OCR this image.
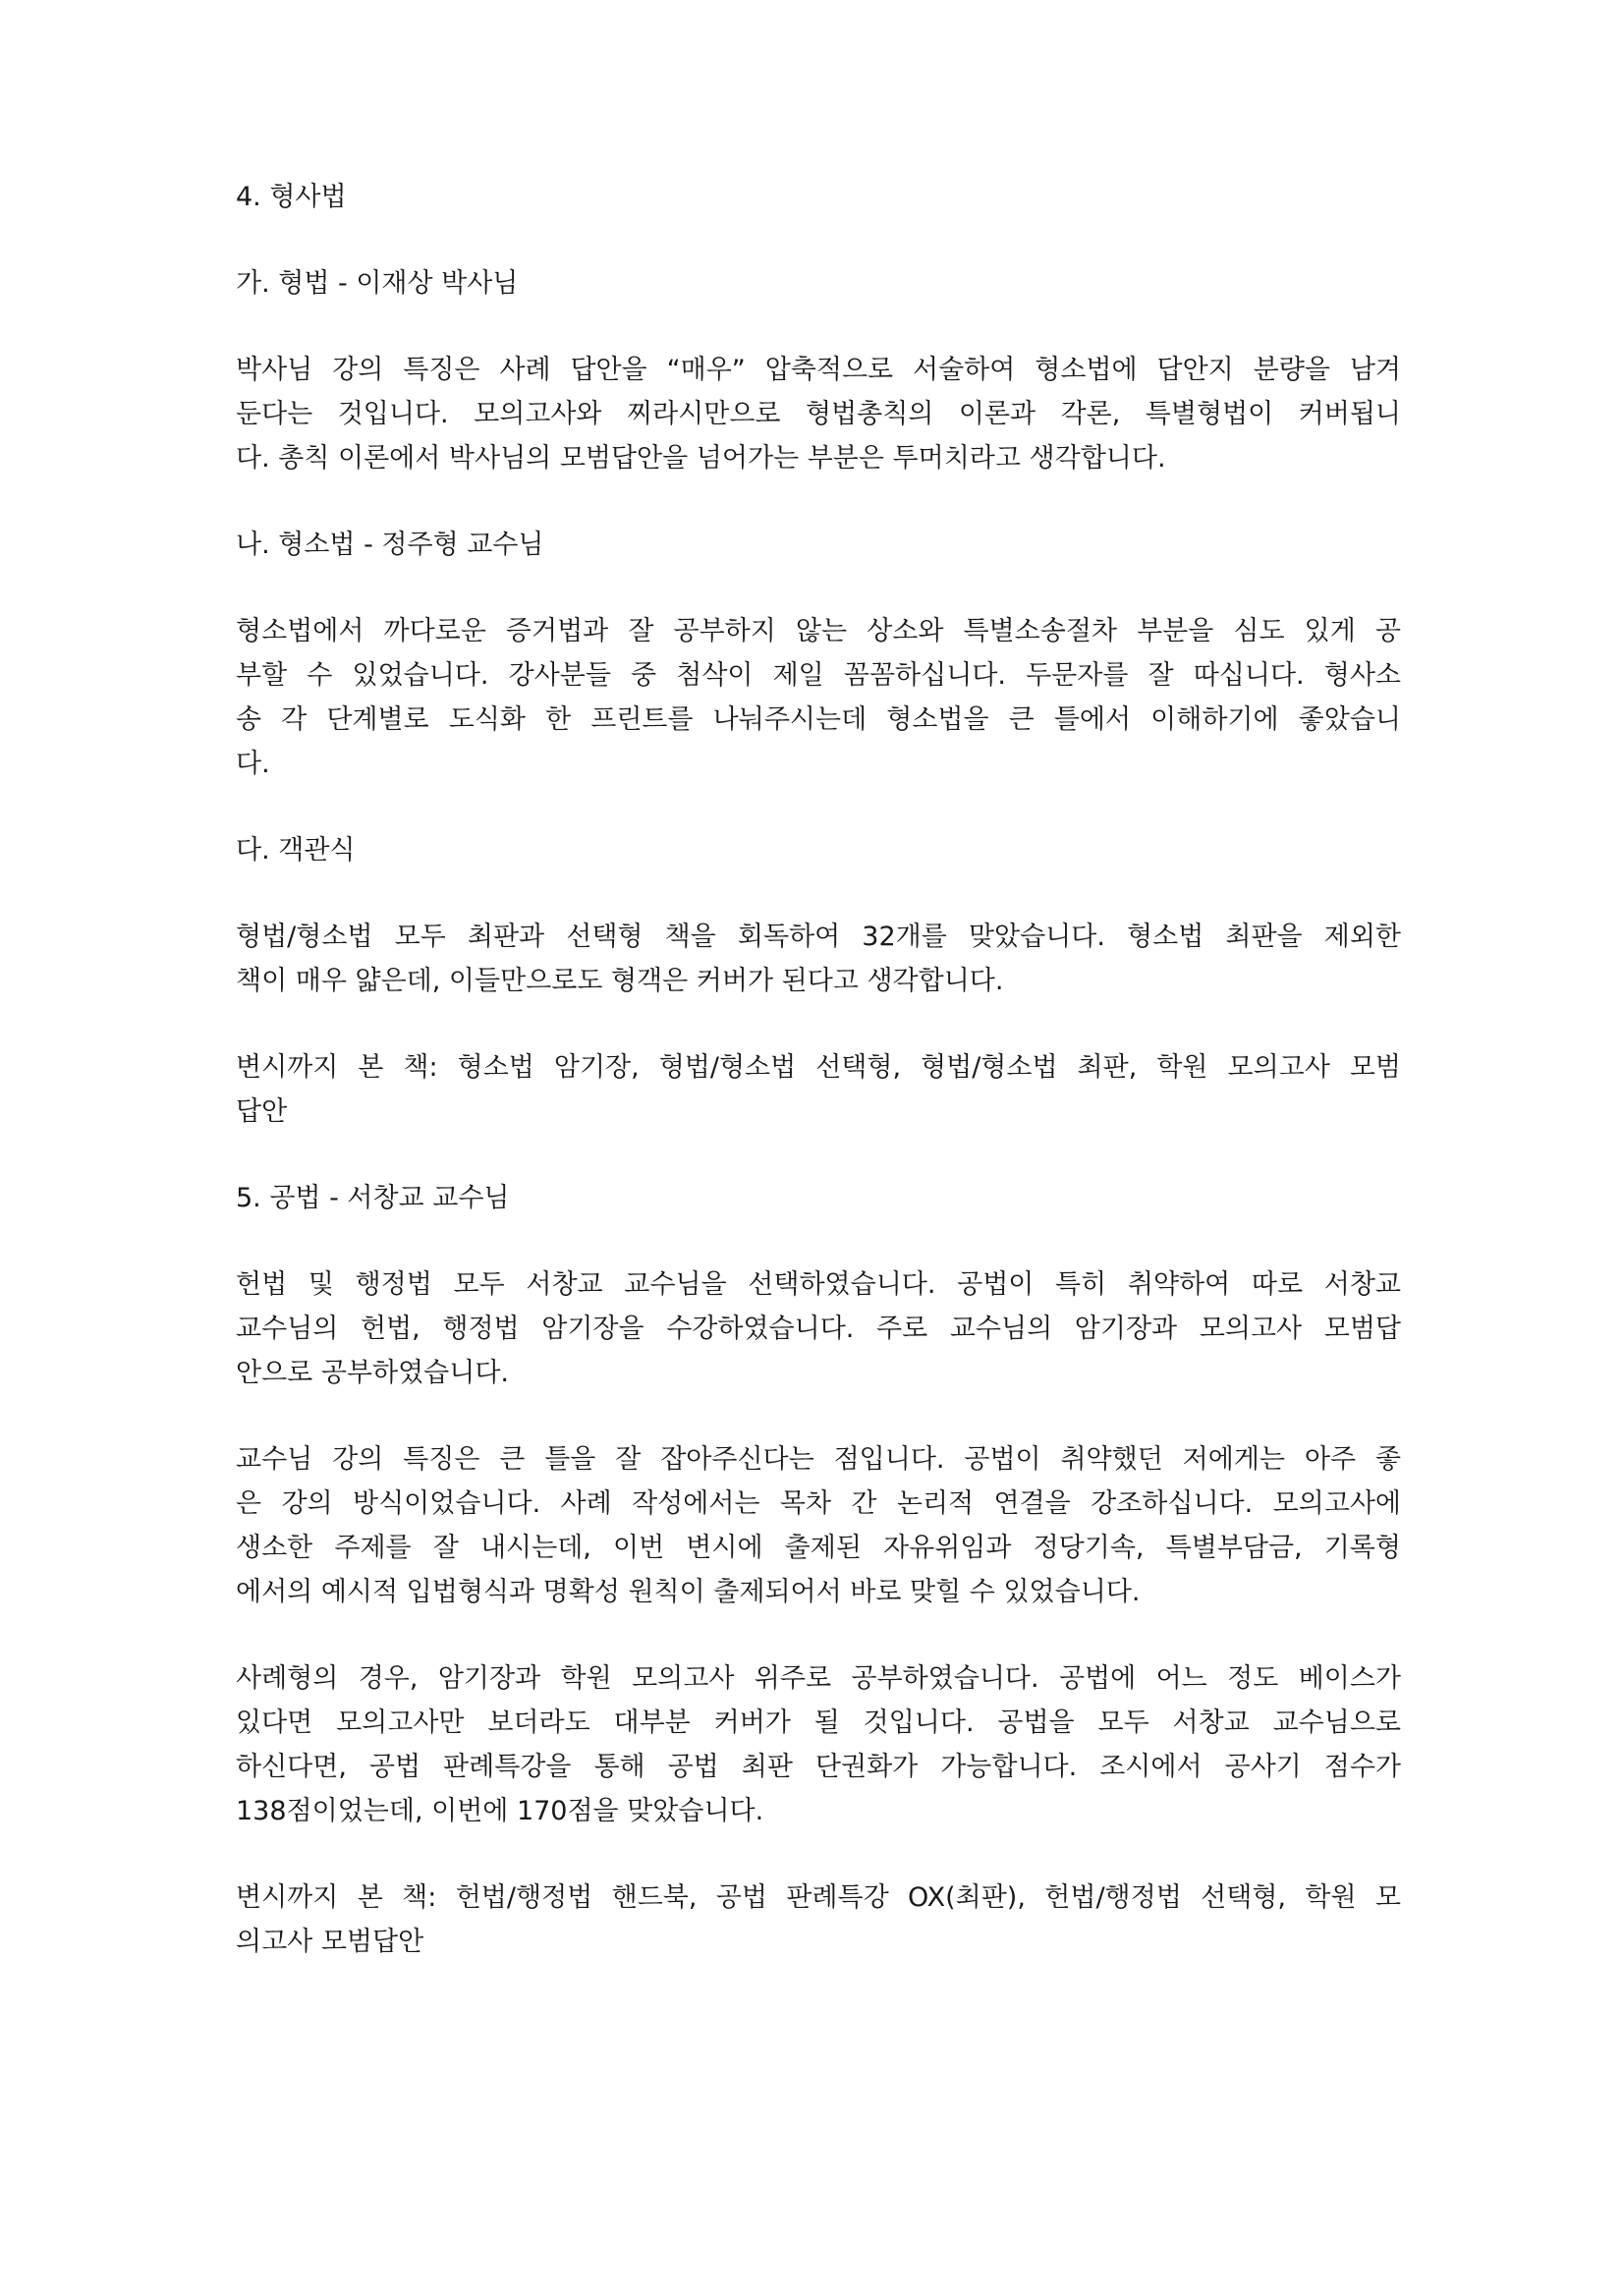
4. 형사법

가. 형법 - 이재상 박사님

박사님 강의 특징은 사례 답안을 “매우” 압축적으로 서술하여 형소법에 답안지 분량을 남겨
둔다는 것입니다. 모의고사와 찌라시만으로 형법총칙의 이론과 각론, 특별형법이 커버됩니
다. 총칙 이론에서 박사님의 모범답안을 넘어가는 부분은 투머치라고 생각합니다.

나. 형소법 - 정주형 교수님

형소법에서 까다로운 증거법과 잘 공부하지 않는 상소와 특별소송절차 부분을 심도 있게 공
부할 수 있었습니다. 강사분들 중 첨삭이 제일 꼼꼼하십니다. 두문자를 잘 따십니다. 형사소
송 각 단계별로 도식화 한 프린트를 나눠주시는데 형소법을 큰 틀에서 이해하기에 좋았습니
다.

다. 객관식

형법/형소법 모두 최판과 선택형 책을 회독하여 32개를 맞았습니다. 형소법 최판을 제외한
책이 매우 얇은데, 이들만으로도 형객은 커버가 된다고 생각합니다.

변시까지 본 책: 형소법 암기장, 형법/형소법 선택형, 형법/형소법 최판, 학원 모의고사 모범
답안

5. 공법 - 서창교 교수님

헌법 및 행정법 모두 서창교 교수님을 선택하였습니다. 공법이 특히 취약하여 따로 서창교
교수님의 헌법, 행정법 암기장을 수강하였습니다. 주로 교수님의 암기장과 모의고사 모범답
안으로 공부하였습니다.

교수님 강의 특징은 큰 틀을 잘 잡아주신다는 점입니다. 공법이 취약했던 저에게는 아주 좋
은 강의 방식이었습니다. 사례 작성에서는 목차 간 논리적 연결을 강조하십니다. 모의고사에
생소한 주제를 잘 내시는데, 이번 변시에 출제된 자유위임과 정당기속, 특별부담금, 기록형
에서의 예시적 입법형식과 명확성 원칙이 출제되어서 바로 맞힐 수 있었습니다.

사례형의 경우, 암기장과 학원 모의고사 위주로 공부하였습니다. 공법에 어느 정도 베이스가
있다면 모의고사만 보더라도 대부분 커버가 될 것입니다. 공법을 모두 서창교 교수님으로
하신다면, 공법 판례특강을 통해 공법 최판 단권화가 가능합니다. 조시에서 공사기 점수가
138점이었는데, 이번에 170점을 맞았습니다.

변시까지 본 책: 헌법/행정법 핸드북, 공법 판례특강 OX(최판), 헌법/행정법 선택형, 학원 모
의고사 모범답안
